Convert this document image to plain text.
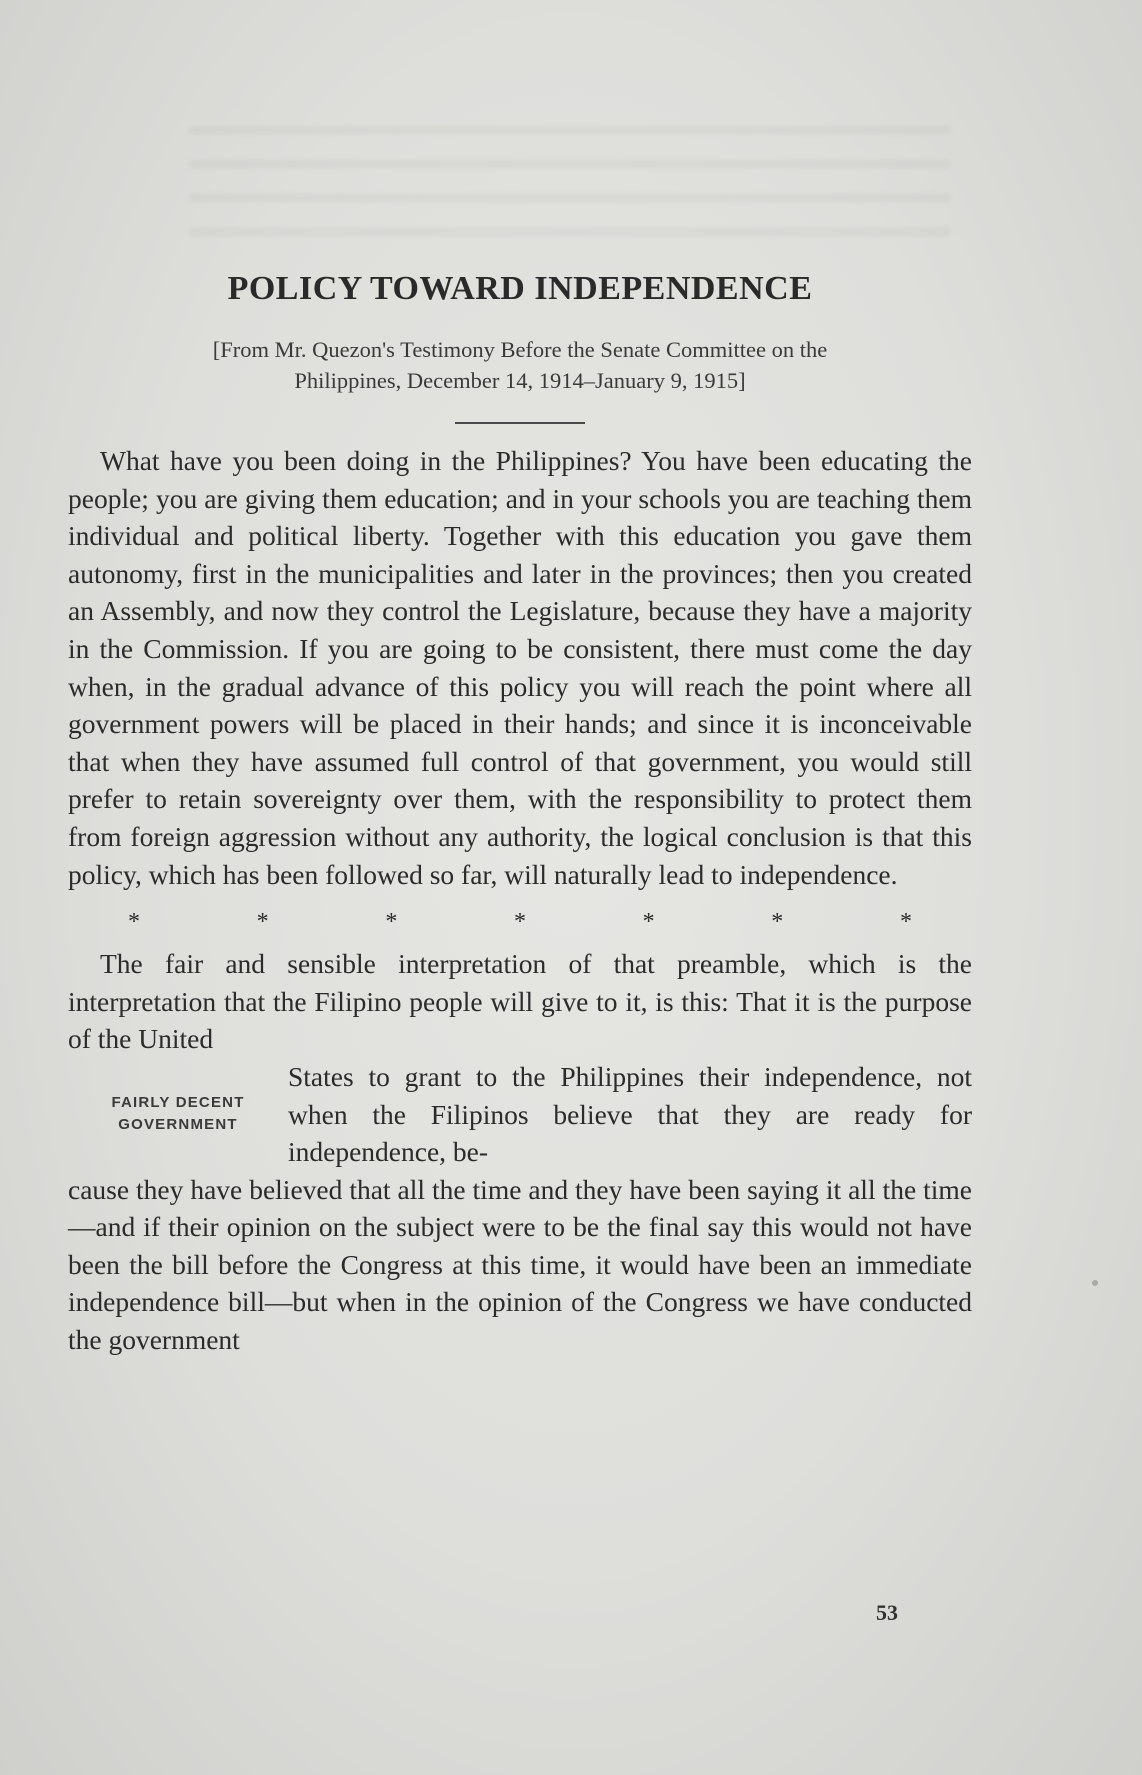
POLICY TOWARD INDEPENDENCE

[From Mr. Quezon's Testimony Before the Senate Committee on the
Philippines, December 14, 1914–January 9, 1915]

What have you been doing in the Philippines? You have been educating the people; you are giving them education; and in your schools you are teaching them individual and political liberty. Together with this education you gave them autonomy, first in the municipalities and later in the provinces; then you created an Assembly, and now they control the Legislature, because they have a majority in the Commission. If you are going to be consistent, there must come the day when, in the gradual advance of this policy you will reach the point where all government powers will be placed in their hands; and since it is inconceivable that when they have assumed full control of that government, you would still prefer to retain sovereignty over them, with the responsibility to protect them from foreign aggression without any authority, the logical conclusion is that this policy, which has been followed so far, will naturally lead to independence.

*	*	*	*	*	*	*

The fair and sensible interpretation of that preamble, which is the interpretation that the Filipino people will give to it, is this: That it is the purpose of the United

FAIRLY DECENT
GOVERNMENT
States to grant to the Philippines their independence, not when the Filipinos believe that they are ready for independence, be-

cause they have believed that all the time and they have been saying it all the time—and if their opinion on the subject were to be the final say this would not have been the bill before the Congress at this time, it would have been an immediate independence bill—but when in the opinion of the Congress we have conducted the government

53
